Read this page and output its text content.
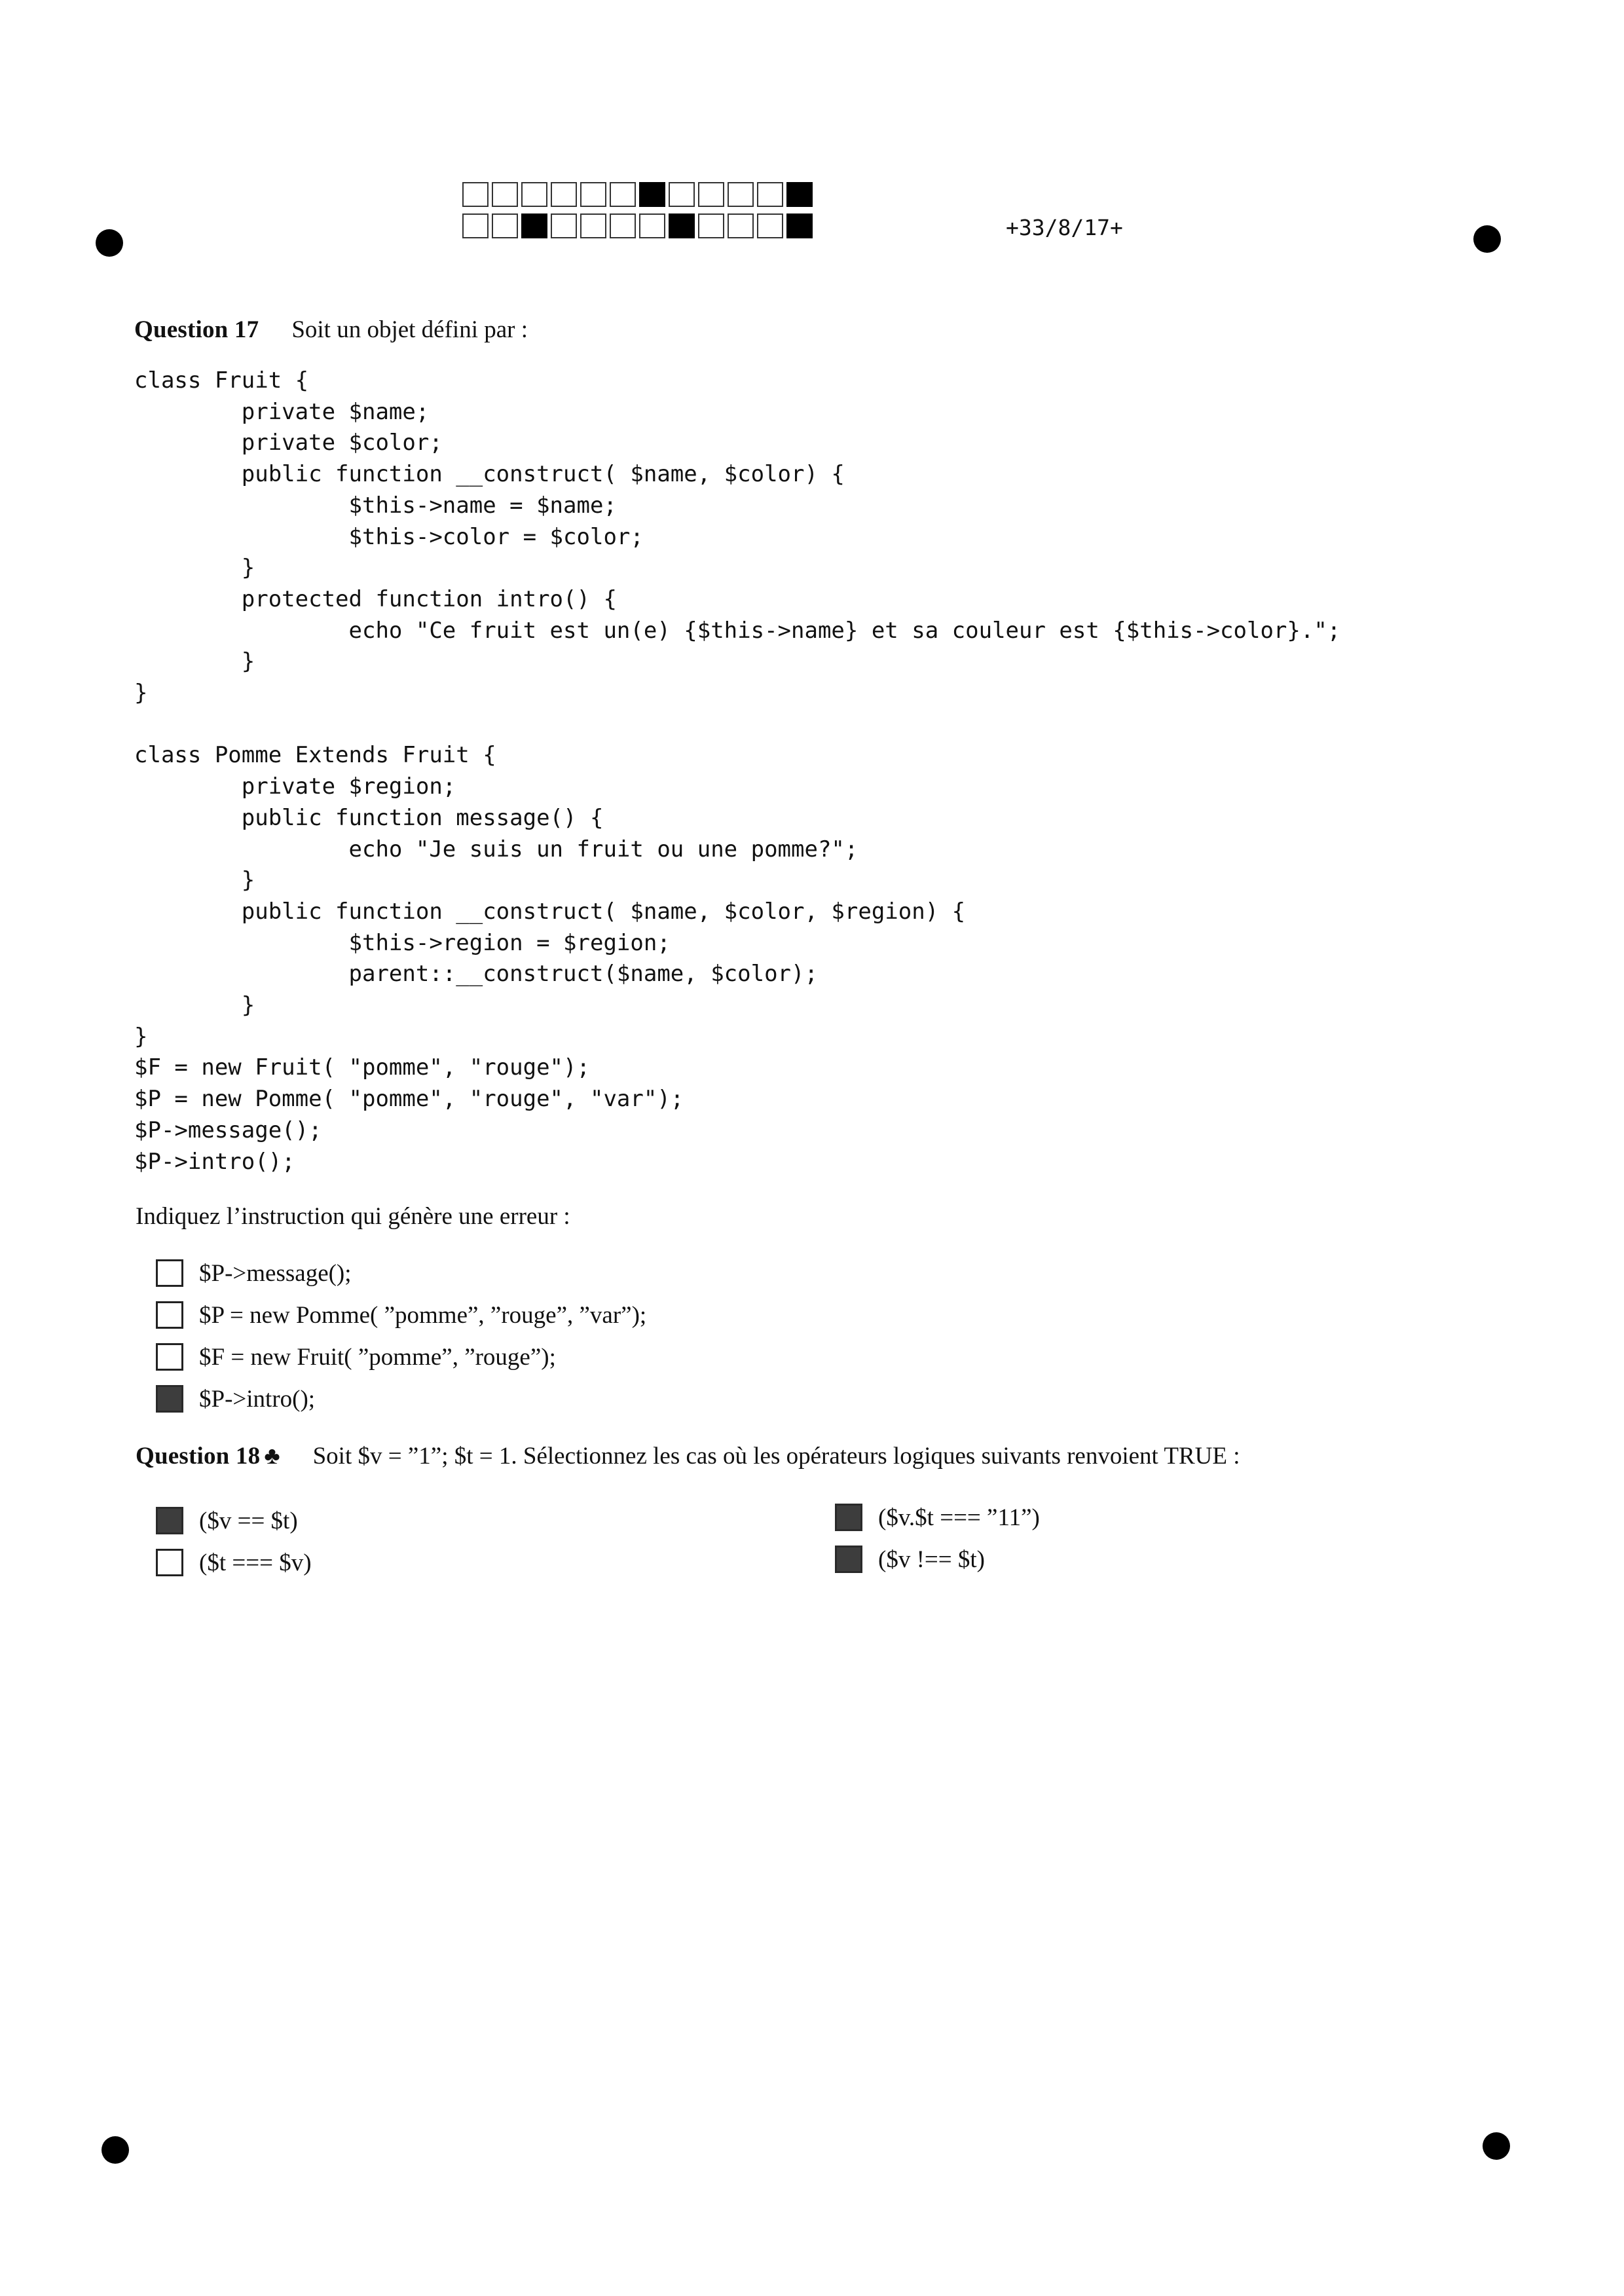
+33/8/17+
Question 17 Soit un objet défini par :
class Fruit {
private $name;
private $color;
public function __construct( $name, $color) {
$this->name = $name;
$this->color = $color;
}
protected function intro() {
echo "Ce fruit est un(e) {$this->name} et sa couleur est {$this->color}.";
}
}

class Pomme Extends Fruit {
private $region;
public function message() {
echo "Je suis un fruit ou une pomme?";
}
public function __construct( $name, $color, $region) {
$this->region = $region;
parent::__construct($name, $color);
}
}
$F = new Fruit( "pomme", "rouge");
$P = new Pomme( "pomme", "rouge", "var");
$P->message();
$P->intro();
Indiquez l’instruction qui génère une erreur :
$P->message();
$P = new Pomme( ”pomme”, ”rouge”, ”var”);
$F = new Fruit( ”pomme”, ”rouge”);
$P->intro();
Question 18 ♣ Soit $v = ”1”; $t = 1. Sélectionnez les cas où les opérateurs logiques suivants renvoient TRUE :
($v == $t)
($t === $v)
($v.$t === ”11”)
($v !== $t)
